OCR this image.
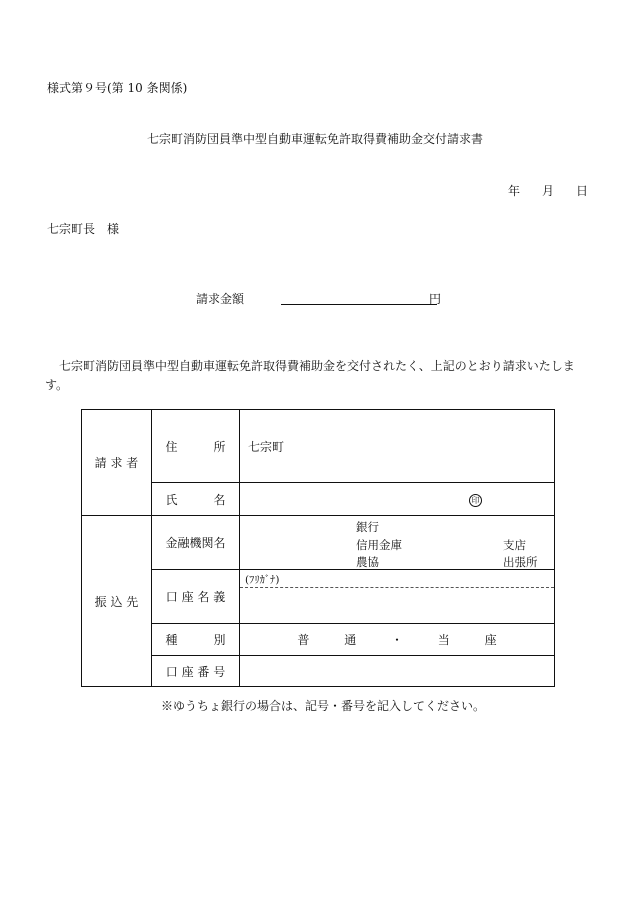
様式第９号(第 10 条関係)
七宗町消防団員準中型自動車運転免許取得費補助金交付請求書
年 月 日
七宗町長　様
請求金額	円
七宗町消防団員準中型自動車運転免許取得費補助金を交付されたく、上記のとおり請求いたします。
請 求 者	住　　　所	七宗町
	氏　　　名	印

振 込 先	金融機関名	銀行
信用金庫
農協
支店
出張所

	口 座 名 義	(ﾌﾘｶﾞﾅ)

	種　　　別	普 通 ・ 当 座

	口 座 番 号	
※ゆうちょ銀行の場合は、記号・番号を記入してください。
